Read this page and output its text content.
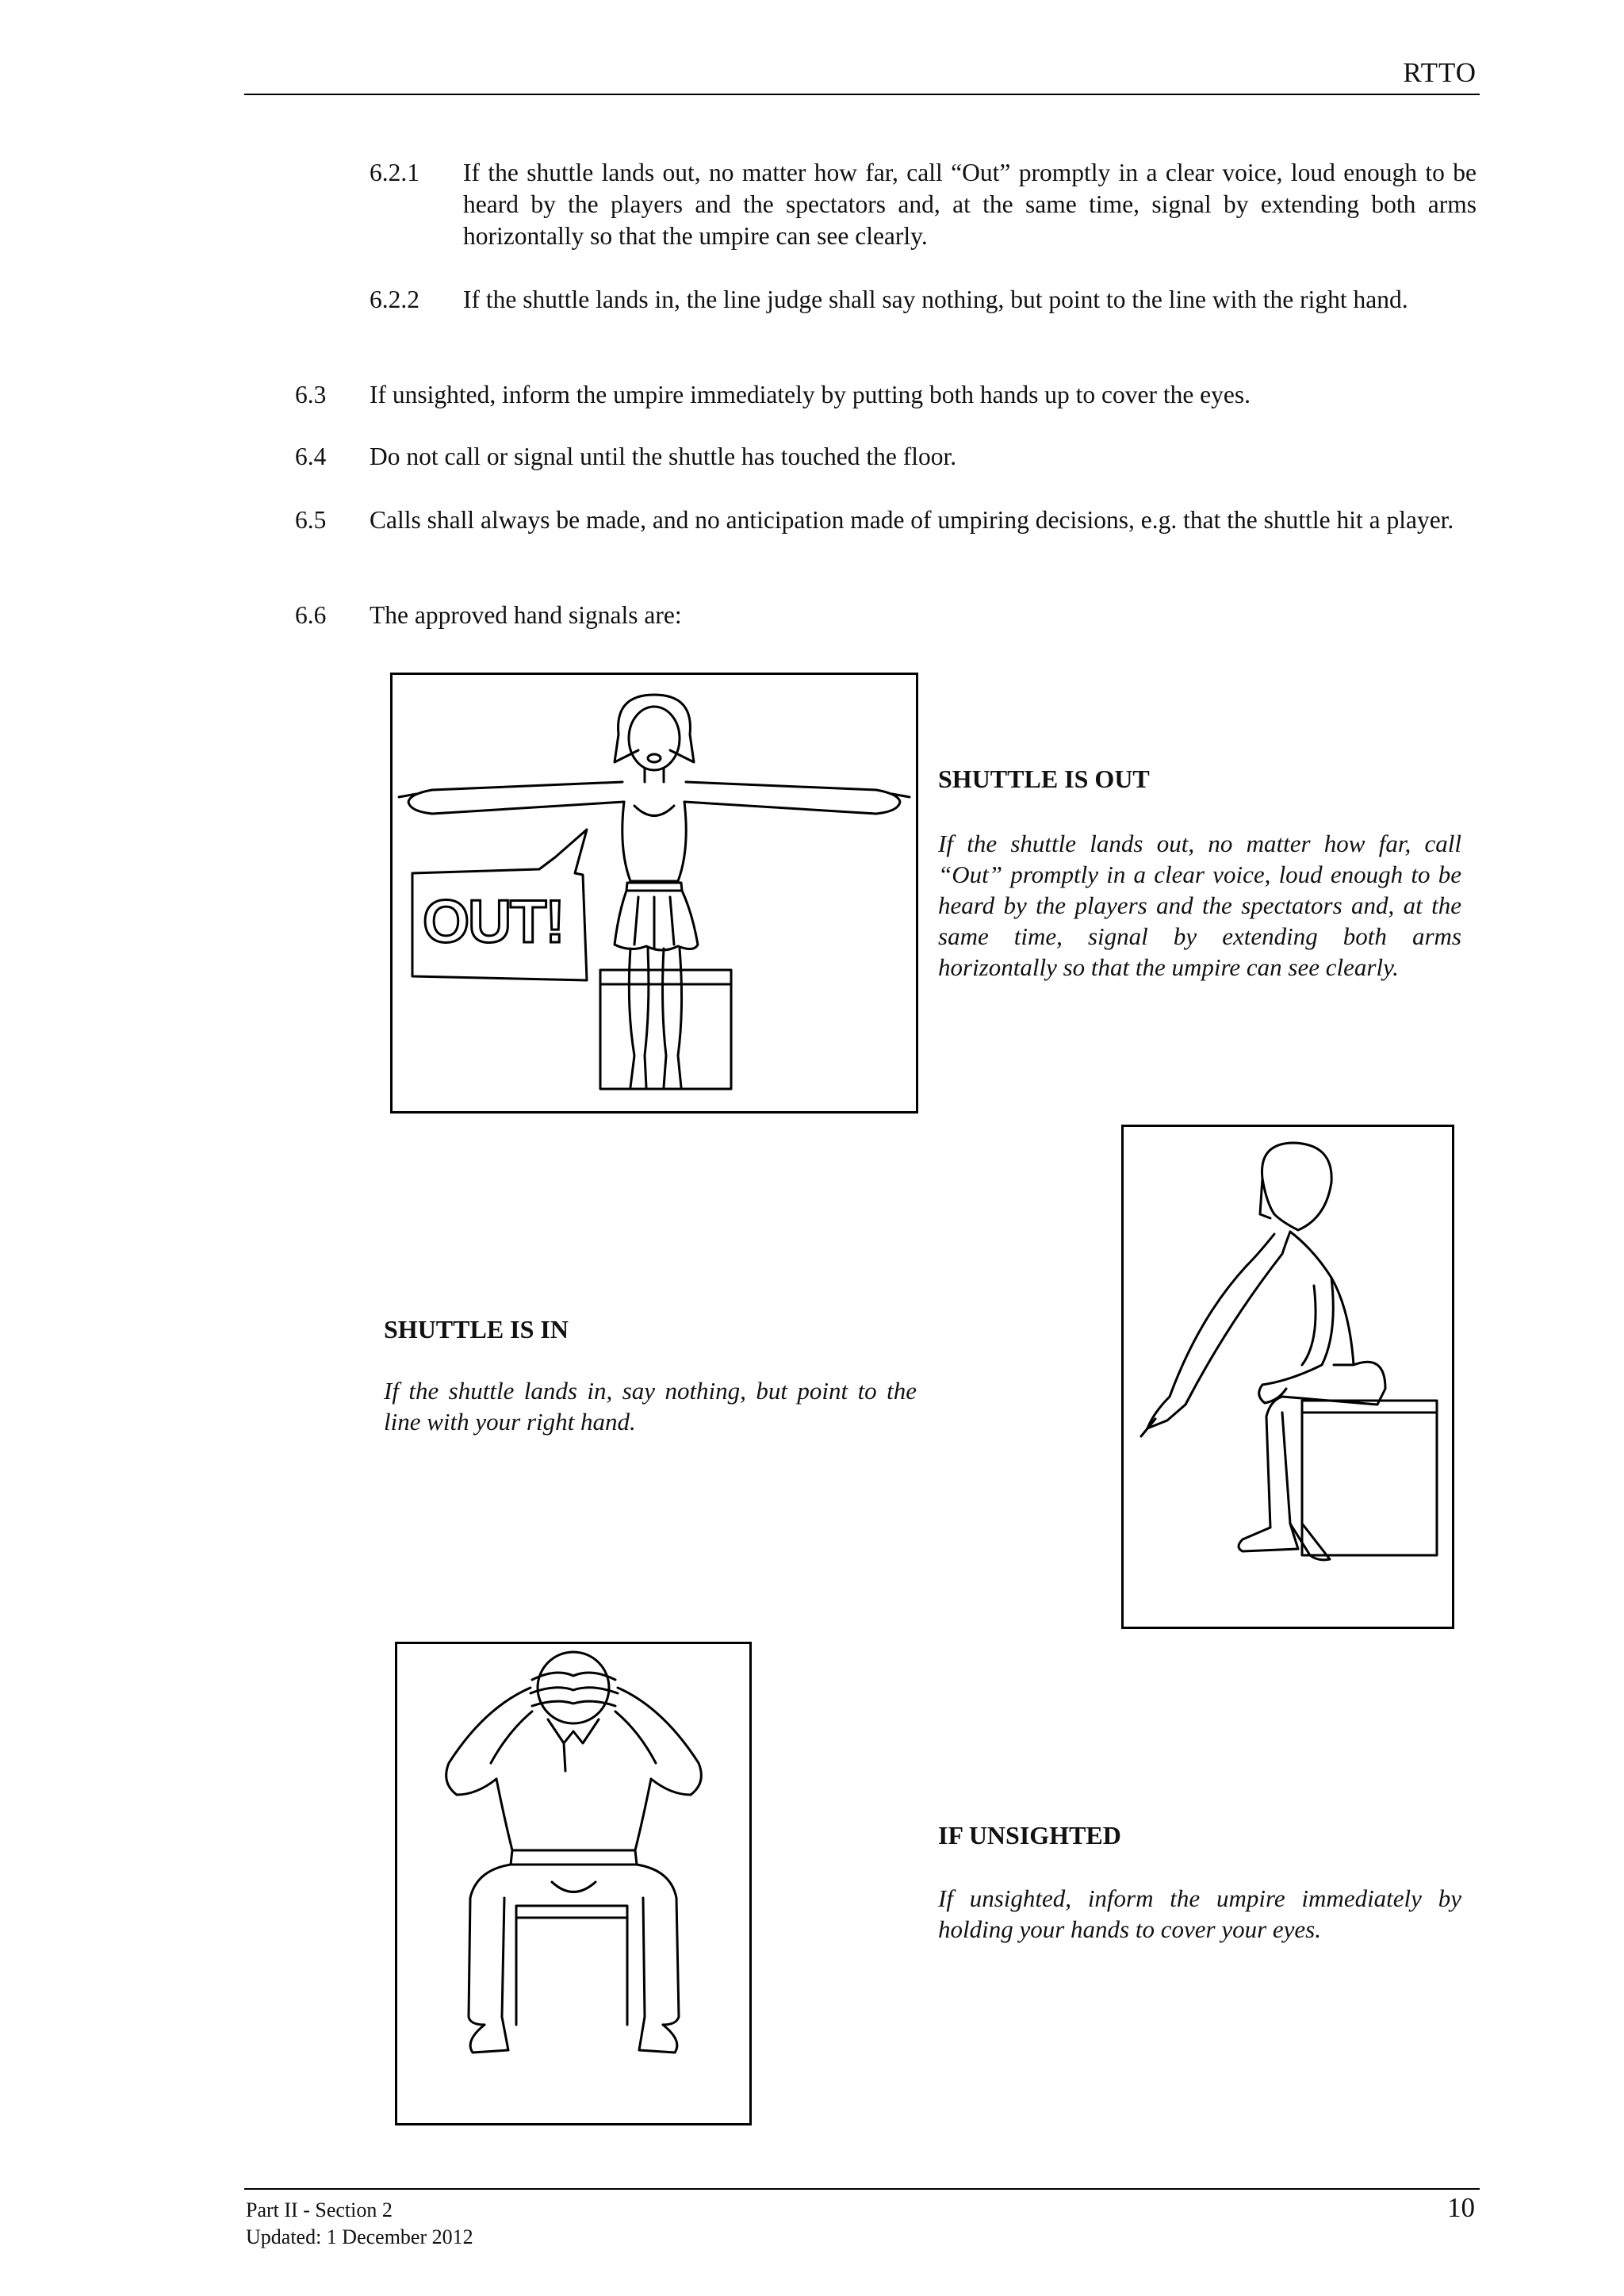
RTTO
6.2.1 If the shuttle lands out, no matter how far, call “Out” promptly in a clear voice, loud enough to be heard by the players and the spectators and, at the same time, signal by extending both arms horizontally so that the umpire can see clearly.
6.2.2 If the shuttle lands in, the line judge shall say nothing, but point to the line with the right hand.
6.3 If unsighted, inform the umpire immediately by putting both hands up to cover the eyes.
6.4 Do not call or signal until the shuttle has touched the floor.
6.5 Calls shall always be made, and no anticipation made of umpiring decisions, e.g. that the shuttle hit a player.
6.6 The approved hand signals are:
OUT!
SHUTTLE IS OUT
If the shuttle lands out, no matter how far, call “Out” promptly in a clear voice, loud enough to be heard by the players and the spectators and, at the same time, signal by extending both arms horizontally so that the umpire can see clearly.
SHUTTLE IS IN
If the shuttle lands in, say nothing, but point to the line with your right hand.
IF UNSIGHTED
If unsighted, inform the umpire immediately by holding your hands to cover your eyes.
Part II - Section 2
Updated: 1 December 2012
10
